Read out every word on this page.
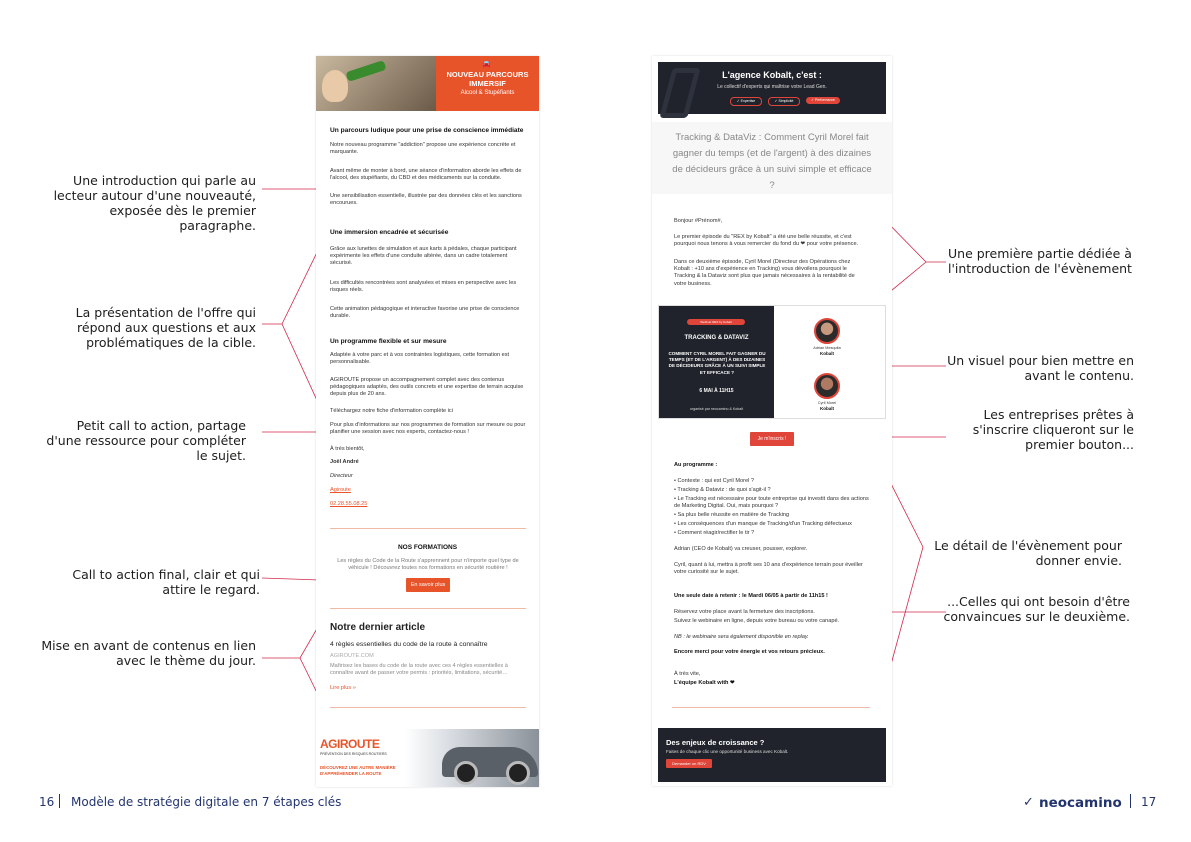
Une introduction qui parle au lecteur autour d'une nouveauté, exposée dès le premier paragraphe.
La présentation de l'offre qui répond aux questions et aux problématiques de la cible.
Petit call to action, partage d'une ressource pour compléter le sujet.
Call to action final, clair et qui attire le regard.
Mise en avant de contenus en lien avec le thème du jour.
Une première partie dédiée à l'introduction de l'évènement
Un visuel pour bien mettre en avant le contenu.
Les entreprises prêtes à s'inscrire cliqueront sur le premier bouton...
Le détail de l'évènement pour donner envie.
...Celles qui ont besoin d'être convaincues sur le deuxième.
🚘
NOUVEAU PARCOURS IMMERSIF
Alcool & Stupéfiants
Un parcours ludique pour une prise de conscience immédiate
Notre nouveau programme "addiction" propose une expérience concrète et marquante.
Avant même de monter à bord, une séance d'information aborde les effets de l'alcool, des stupéfiants, du CBD et des médicaments sur la conduite.
Une sensibilisation essentielle, illustrée par des données clés et les sanctions encourues.
Une immersion encadrée et sécurisée
Grâce aux lunettes de simulation et aux karts à pédales, chaque participant expérimente les effets d'une conduite altérée, dans un cadre totalement sécurisé.
Les difficultés rencontrées sont analysées et mises en perspective avec les risques réels.
Cette animation pédagogique et interactive favorise une prise de conscience durable.
Un programme flexible et sur mesure
Adaptée à votre parc et à vos contraintes logistiques, cette formation est personnalisable.
AGIROUTE propose un accompagnement complet avec des contenus pédagogiques adaptés, des outils concrets et une expertise de terrain acquise depuis plus de 20 ans.
Téléchargez notre fiche d'information complète ici
Pour plus d'informations sur nos programmes de formation sur mesure ou pour planifier une session avec nos experts, contactez-nous !
À très bientôt,
Joël André
Directeur
Agiroute
02.28.55.08.25
NOS FORMATIONS
Les règles du Code de la Route s'apprennent pour n'importe quel type de véhicule ! Découvrez toutes nos formations en sécurité routière !
En savoir plus
Notre dernier article
4 règles essentielles du code de la route à connaître
AGIROUTE.COM
Maîtrisez les bases du code de la route avec ces 4 règles essentielles à connaître avant de passer votre permis : priorités, limitations, sécurité…
Lire plus »
AGIROUTE
PRÉVENTION DES RISQUES ROUTIERS
DÉCOUVREZ UNE AUTRE MANIÈRE
D'APPRÉHENDER LA ROUTE
L'agence Kobalt, c'est :
Le collectif d'experts qui maîtrise votre Lead Gen.
✓ Expertise	✓ Simplicité	✓ Performance
Tracking & DataViz : Comment Cyril Morel fait gagner du temps (et de l'argent) à des dizaines de décideurs grâce à un suivi simple et efficace ?
Bonjour #Prénom#,
Le premier épisode du "REX by Kobalt" a été une belle réussite, et c'est pourquoi nous tenons à vous remercier du fond du ❤ pour votre présence.
Dans ce deuxième épisode, Cyril Morel (Directeur des Opérations chez Kobalt : +10 ans d'expérience en Tracking) vous dévoilera pourquoi le Tracking & la Dataviz sont plus que jamais nécessaires à la rentabilité de votre business.
Webinar REX by Kobalt
TRACKING & DATAVIZ
COMMENT CYRIL MOREL FAIT GAGNER DU TEMPS (ET DE L'ARGENT) À DES DIZAINES DE DÉCIDEURS GRÂCE À UN SUIVI SIMPLE ET EFFICACE ?
6 MAI À 11H15
organisé par neocamino & Kobalt
Adrian Mesquita
Kobalt
Cyril Morel
Kobalt
Je m'inscris !
Au programme :
• Contexte : qui est Cyril Morel ?
• Tracking & Dataviz : de quoi s'agit-il ?
• Le Tracking est nécessaire pour toute entreprise qui investit dans des actions de Marketing Digital. Oui, mais pourquoi ?
• Sa plus belle réussite en matière de Tracking
• Les conséquences d'un manque de Tracking/d'un Tracking défectueux
• Comment réagir/rectifier le tir ?
Adrian (CEO de Kobalt) va creuser, pousser, explorer.
Cyril, quant à lui, mettra à profit ses 10 ans d'expérience terrain pour éveiller votre curiosité sur le sujet.
Une seule date à retenir : le Mardi 06/05 à partir de 11h15 !
Réservez votre place avant la fermeture des inscriptions.
Suivez le webinaire en ligne, depuis votre bureau ou votre canapé.
NB : le webinaire sera également disponible en replay.
Encore merci pour votre énergie et vos retours précieux.
À très vite,
L'équipe Kobalt with ❤
Des enjeux de croissance ?
Faites de chaque clic une opportunité business avec Kobalt.
Demander un RDV
16 Modèle de stratégie digitale en 7 étapes clés	✓ neocamino 17
